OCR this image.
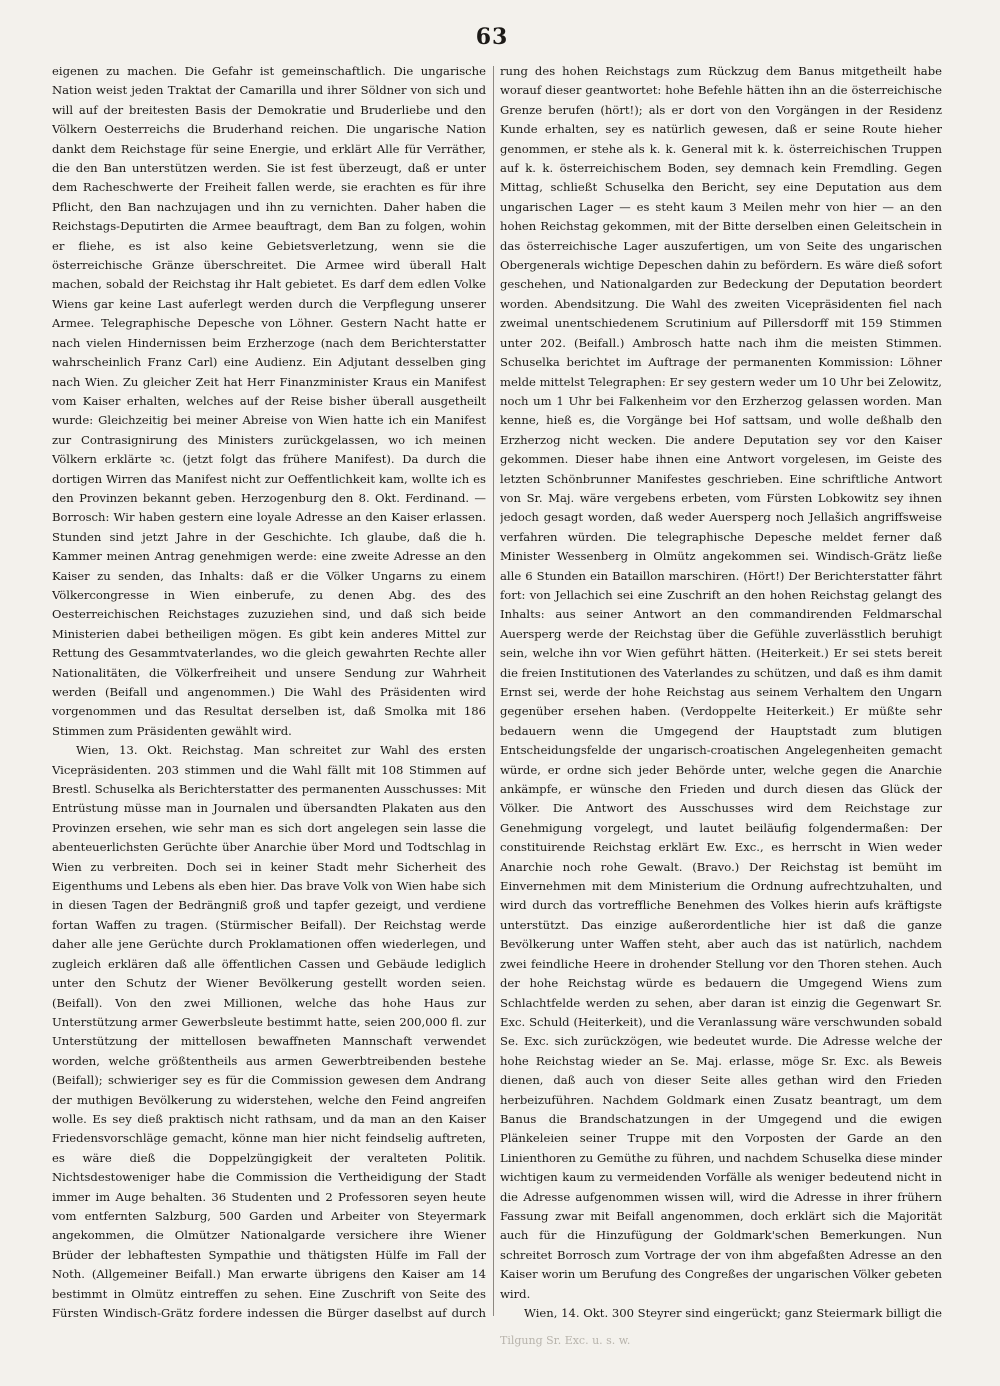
63

eigenen zu machen. Die Gefahr ist gemeinschaftlich. Die ungarische Nation weist jeden Traktat der Camarilla und ihrer Söldner von sich und will auf der breitesten Basis der Demokratie und Bruderliebe und den Völkern Oesterreichs die Bruderhand reichen. Die ungarische Nation dankt dem Reichstage für seine Energie, und erklärt Alle für Verräther, die den Ban unterstützen werden. Sie ist fest überzeugt, daß er unter dem Racheschwerte der Freiheit fallen werde, sie erachten es für ihre Pflicht, den Ban nachzujagen und ihn zu vernichten. Daher haben die Reichstags-Deputirten die Armee beauftragt, dem Ban zu folgen, wohin er fliehe, es ist also keine Gebietsverletzung, wenn sie die österreichische Gränze überschreitet. Die Armee wird überall Halt machen, sobald der Reichstag ihr Halt gebietet. Es darf dem edlen Volke Wiens gar keine Last auferlegt werden durch die Verpflegung unserer Armee. Telegraphische Depesche von Löhner. Gestern Nacht hatte er nach vielen Hindernissen beim Erzherzoge (nach dem Berichterstatter wahrscheinlich Franz Carl) eine Audienz. Ein Adjutant desselben ging nach Wien. Zu gleicher Zeit hat Herr Finanzminister Kraus ein Manifest vom Kaiser erhalten, welches auf der Reise bisher überall ausgetheilt wurde: Gleichzeitig bei meiner Abreise von Wien hatte ich ein Manifest zur Contrasignirung des Ministers zurückgelassen, wo ich meinen Völkern erklärte ꝛc. (jetzt folgt das frühere Manifest). Da durch die dortigen Wirren das Manifest nicht zur Oeffentlichkeit kam, wollte ich es den Provinzen bekannt geben. Herzogenburg den 8. Okt. Ferdinand. — Borrosch: Wir haben gestern eine loyale Adresse an den Kaiser erlassen. Stunden sind jetzt Jahre in der Geschichte. Ich glaube, daß die h. Kammer meinen Antrag genehmigen werde: eine zweite Adresse an den Kaiser zu senden, das Inhalts: daß er die Völker Ungarns zu einem Völkercongresse in Wien einberufe, zu denen Abg. des des Oesterreichischen Reichstages zuzuziehen sind, und daß sich beide Ministerien dabei betheiligen mögen. Es gibt kein anderes Mittel zur Rettung des Gesammtvaterlandes, wo die gleich gewahrten Rechte aller Nationalitäten, die Völkerfreiheit und unsere Sendung zur Wahrheit werden (Beifall und angenommen.) Die Wahl des Präsidenten wird vorgenommen und das Resultat derselben ist, daß Smolka mit 186 Stimmen zum Präsidenten gewählt wird.

Wien, 13. Okt. Reichstag. Man schreitet zur Wahl des ersten Vicepräsidenten. 203 stimmen und die Wahl fällt mit 108 Stimmen auf Brestl. Schuselka als Berichterstatter des permanenten Ausschusses: Mit Entrüstung müsse man in Journalen und übersandten Plakaten aus den Provinzen ersehen, wie sehr man es sich dort angelegen sein lasse die abenteuerlichsten Gerüchte über Anarchie über Mord und Todtschlag in Wien zu verbreiten. Doch sei in keiner Stadt mehr Sicherheit des Eigenthums und Lebens als eben hier. Das brave Volk von Wien habe sich in diesen Tagen der Bedrängniß groß und tapfer gezeigt, und verdiene fortan Waffen zu tragen. (Stürmischer Beifall). Der Reichstag werde daher alle jene Gerüchte durch Proklamationen offen wiederlegen, und zugleich erklären daß alle öffentlichen Cassen und Gebäude lediglich unter den Schutz der Wiener Bevölkerung gestellt worden seien. (Beifall). Von den zwei Millionen, welche das hohe Haus zur Unterstützung armer Gewerbsleute bestimmt hatte, seien 200,000 fl. zur Unterstützung der mittellosen bewaffneten Mannschaft verwendet worden, welche größtentheils aus armen Gewerbtreibenden bestehe (Beifall); schwieriger sey es für die Commission gewesen dem Andrang der muthigen Bevölkerung zu widerstehen, welche den Feind angreifen wolle. Es sey dieß praktisch nicht rathsam, und da man an den Kaiser Friedensvorschläge gemacht, könne man hier nicht feindselig auftreten, es wäre dieß die Doppelzüngigkeit der veralteten Politik. Nichtsdestoweniger habe die Commission die Vertheidigung der Stadt immer im Auge behalten. 36 Studenten und 2 Professoren seyen heute vom entfernten Salzburg, 500 Garden und Arbeiter von Steyermark angekommen, die Olmützer Nationalgarde versichere ihre Wiener Brüder der lebhaftesten Sympathie und thätigsten Hülfe im Fall der Noth. (Allgemeiner Beifall.) Man erwarte übrigens den Kaiser am 14 bestimmt in Olmütz eintreffen zu sehen. Eine Zuschrift von Seite des Fürsten Windisch-Grätz fordere indessen die Bürger daselbst auf durch

rung des hohen Reichstags zum Rückzug dem Banus mitgetheilt habe worauf dieser geantwortet: hohe Befehle hätten ihn an die österreichische Grenze berufen (hört!); als er dort von den Vorgängen in der Residenz Kunde erhalten, sey es natürlich gewesen, daß er seine Route hieher genommen, er stehe als k. k. General mit k. k. österreichischen Truppen auf k. k. österreichischem Boden, sey demnach kein Fremdling. Gegen Mittag, schließt Schuselka den Bericht, sey eine Deputation aus dem ungarischen Lager — es steht kaum 3 Meilen mehr von hier — an den hohen Reichstag gekommen, mit der Bitte derselben einen Geleitschein in das österreichische Lager auszufertigen, um von Seite des ungarischen Obergenerals wichtige Depeschen dahin zu befördern. Es wäre dieß sofort geschehen, und Nationalgarden zur Bedeckung der Deputation beordert worden. Abendsitzung. Die Wahl des zweiten Vicepräsidenten fiel nach zweimal unentschiedenem Scrutinium auf Pillersdorff mit 159 Stimmen unter 202. (Beifall.) Ambrosch hatte nach ihm die meisten Stimmen. Schuselka berichtet im Auftrage der permanenten Kommission: Löhner melde mittelst Telegraphen: Er sey gestern weder um 10 Uhr bei Zelowitz, noch um 1 Uhr bei Falkenheim vor den Erzherzog gelassen worden. Man kenne, hieß es, die Vorgänge bei Hof sattsam, und wolle deßhalb den Erzherzog nicht wecken. Die andere Deputation sey vor den Kaiser gekommen. Dieser habe ihnen eine Antwort vorgelesen, im Geiste des letzten Schönbrunner Manifestes geschrieben. Eine schriftliche Antwort von Sr. Maj. wäre vergebens erbeten, vom Fürsten Lobkowitz sey ihnen jedoch gesagt worden, daß weder Auersperg noch Jellašich angriffsweise verfahren würden. Die telegraphische Depesche meldet ferner daß Minister Wessenberg in Olmütz angekommen sei. Windisch-Grätz ließe alle 6 Stunden ein Bataillon marschiren. (Hört!) Der Berichterstatter fährt fort: von Jellachich sei eine Zuschrift an den hohen Reichstag gelangt des Inhalts: aus seiner Antwort an den commandirenden Feldmarschal Auersperg werde der Reichstag über die Gefühle zuverlässtlich beruhigt sein, welche ihn vor Wien geführt hätten. (Heiterkeit.) Er sei stets bereit die freien Institutionen des Vaterlandes zu schützen, und daß es ihm damit Ernst sei, werde der hohe Reichstag aus seinem Verhaltem den Ungarn gegenüber ersehen haben. (Verdoppelte Heiterkeit.) Er müßte sehr bedauern wenn die Umgegend der Hauptstadt zum blutigen Entscheidungsfelde der ungarisch-croatischen Angelegenheiten gemacht würde, er ordne sich jeder Behörde unter, welche gegen die Anarchie ankämpfe, er wünsche den Frieden und durch diesen das Glück der Völker. Die Antwort des Ausschusses wird dem Reichstage zur Genehmigung vorgelegt, und lautet beiläufig folgendermaßen: Der constituirende Reichstag erklärt Ew. Exc., es herrscht in Wien weder Anarchie noch rohe Gewalt. (Bravo.) Der Reichstag ist bemüht im Einvernehmen mit dem Ministerium die Ordnung aufrechtzuhalten, und wird durch das vortreffliche Benehmen des Volkes hierin aufs kräftigste unterstützt. Das einzige außerordentliche hier ist daß die ganze Bevölkerung unter Waffen steht, aber auch das ist natürlich, nachdem zwei feindliche Heere in drohender Stellung vor den Thoren stehen. Auch der hohe Reichstag würde es bedauern die Umgegend Wiens zum Schlachtfelde werden zu sehen, aber daran ist einzig die Gegenwart Sr. Exc. Schuld (Heiterkeit), und die Veranlassung wäre verschwunden sobald Se. Exc. sich zurückzögen, wie bedeutet wurde. Die Adresse welche der hohe Reichstag wieder an Se. Maj. erlasse, möge Sr. Exc. als Beweis dienen, daß auch von dieser Seite alles gethan wird den Frieden herbeizuführen. Nachdem Goldmark einen Zusatz beantragt, um dem Banus die Brandschatzungen in der Umgegend und die ewigen Plänkeleien seiner Truppe mit den Vorposten der Garde an den Linienthoren zu Gemüthe zu führen, und nachdem Schuselka diese minder wichtigen kaum zu vermeidenden Vorfälle als weniger bedeutend nicht in die Adresse aufgenommen wissen will, wird die Adresse in ihrer frühern Fassung zwar mit Beifall angenommen, doch erklärt sich die Majorität auch für die Hinzufügung der Goldmark'schen Bemerkungen. Nun schreitet Borrosch zum Vortrage der von ihm abgefaßten Adresse an den Kaiser worin um Berufung des Congreßes der ungarischen Völker gebeten wird.

Wien, 14. Okt. 300 Steyrer sind eingerückt; ganz Steiermark billigt die

Tilgung Sr. Exc. u. s. w.
